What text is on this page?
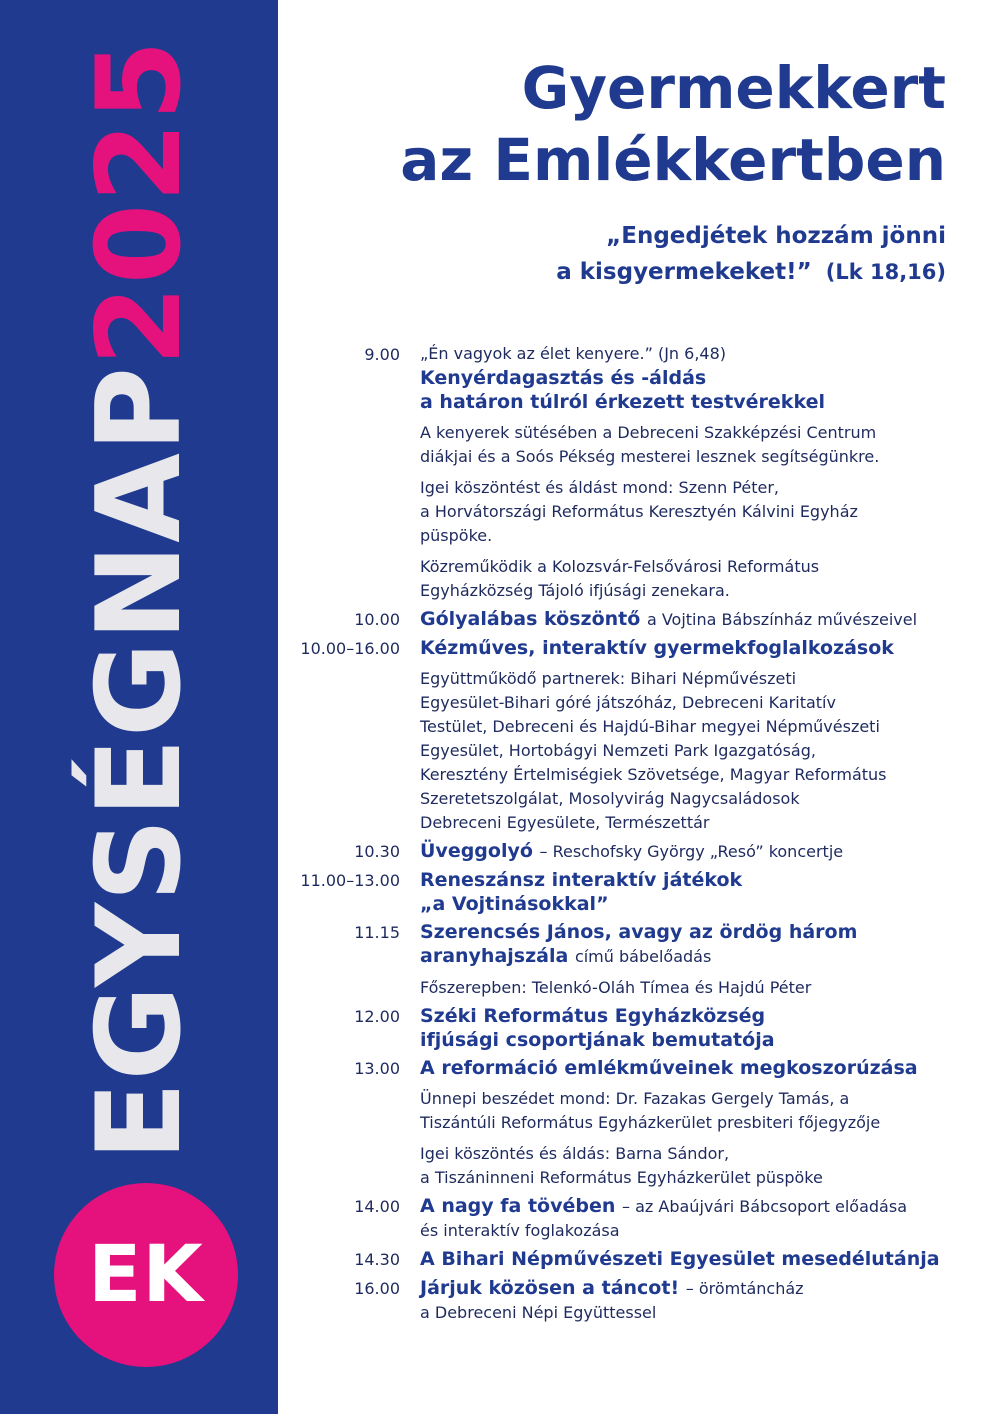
EGYSÉGNAP
2025
EK
Gyermekkert
az Emlékkertben
„Engedjétek hozzám jönni
a kisgyermekeket!” (Lk 18,16)
9.00 „Én vagyok az élet kenyere.” (Jn 6,48)
Kenyérdagasztás és -áldás
a határon túlról érkezett testvérekkel
A kenyerek sütésében a Debreceni Szakképzési Centrum
diákjai és a Soós Pékség mesterei lesznek segítségünkre.
Igei köszöntést és áldást mond: Szenn Péter,
a Horvátországi Református Keresztyén Kálvini Egyház
püspöke.
Közreműködik a Kolozsvár-Felsővárosi Református
Egyházközség Tájoló ifjúsági zenekara.
10.00 Gólyalábas köszöntő a Vojtina Bábszínház művészeivel
10.00–16.00 Kézműves, interaktív gyermekfoglalkozások
Együttműködő partnerek: Bihari Népművészeti
Egyesület-Bihari góré játszóház, Debreceni Karitatív
Testület, Debreceni és Hajdú-Bihar megyei Népművészeti
Egyesület, Hortobágyi Nemzeti Park Igazgatóság,
Keresztény Értelmiségiek Szövetsége, Magyar Református
Szeretetszolgálat, Mosolyvirág Nagycsaládosok
Debreceni Egyesülete, Természettár
10.30 Üveggolyó – Reschofsky György „Resó” koncertje
11.00–13.00 Reneszánsz interaktív játékok
„a Vojtinásokkal”
11.15 Szerencsés János, avagy az ördög három
aranyhajszála című bábelőadás
Főszerepben: Telenkó-Oláh Tímea és Hajdú Péter
12.00 Széki Református Egyházközség
ifjúsági csoportjának bemutatója
13.00 A reformáció emlékműveinek megkoszorúzása
Ünnepi beszédet mond: Dr. Fazakas Gergely Tamás, a
Tiszántúli Református Egyházkerület presbiteri főjegyzője
Igei köszöntés és áldás: Barna Sándor,
a Tiszáninneni Református Egyházkerület püspöke
14.00 A nagy fa tövében – az Abaújvári Bábcsoport előadása
és interaktív foglakozása
14.30 A Bihari Népművészeti Egyesület mesedélutánja
16.00 Járjuk közösen a táncot! – örömtáncház
a Debreceni Népi Együttessel
